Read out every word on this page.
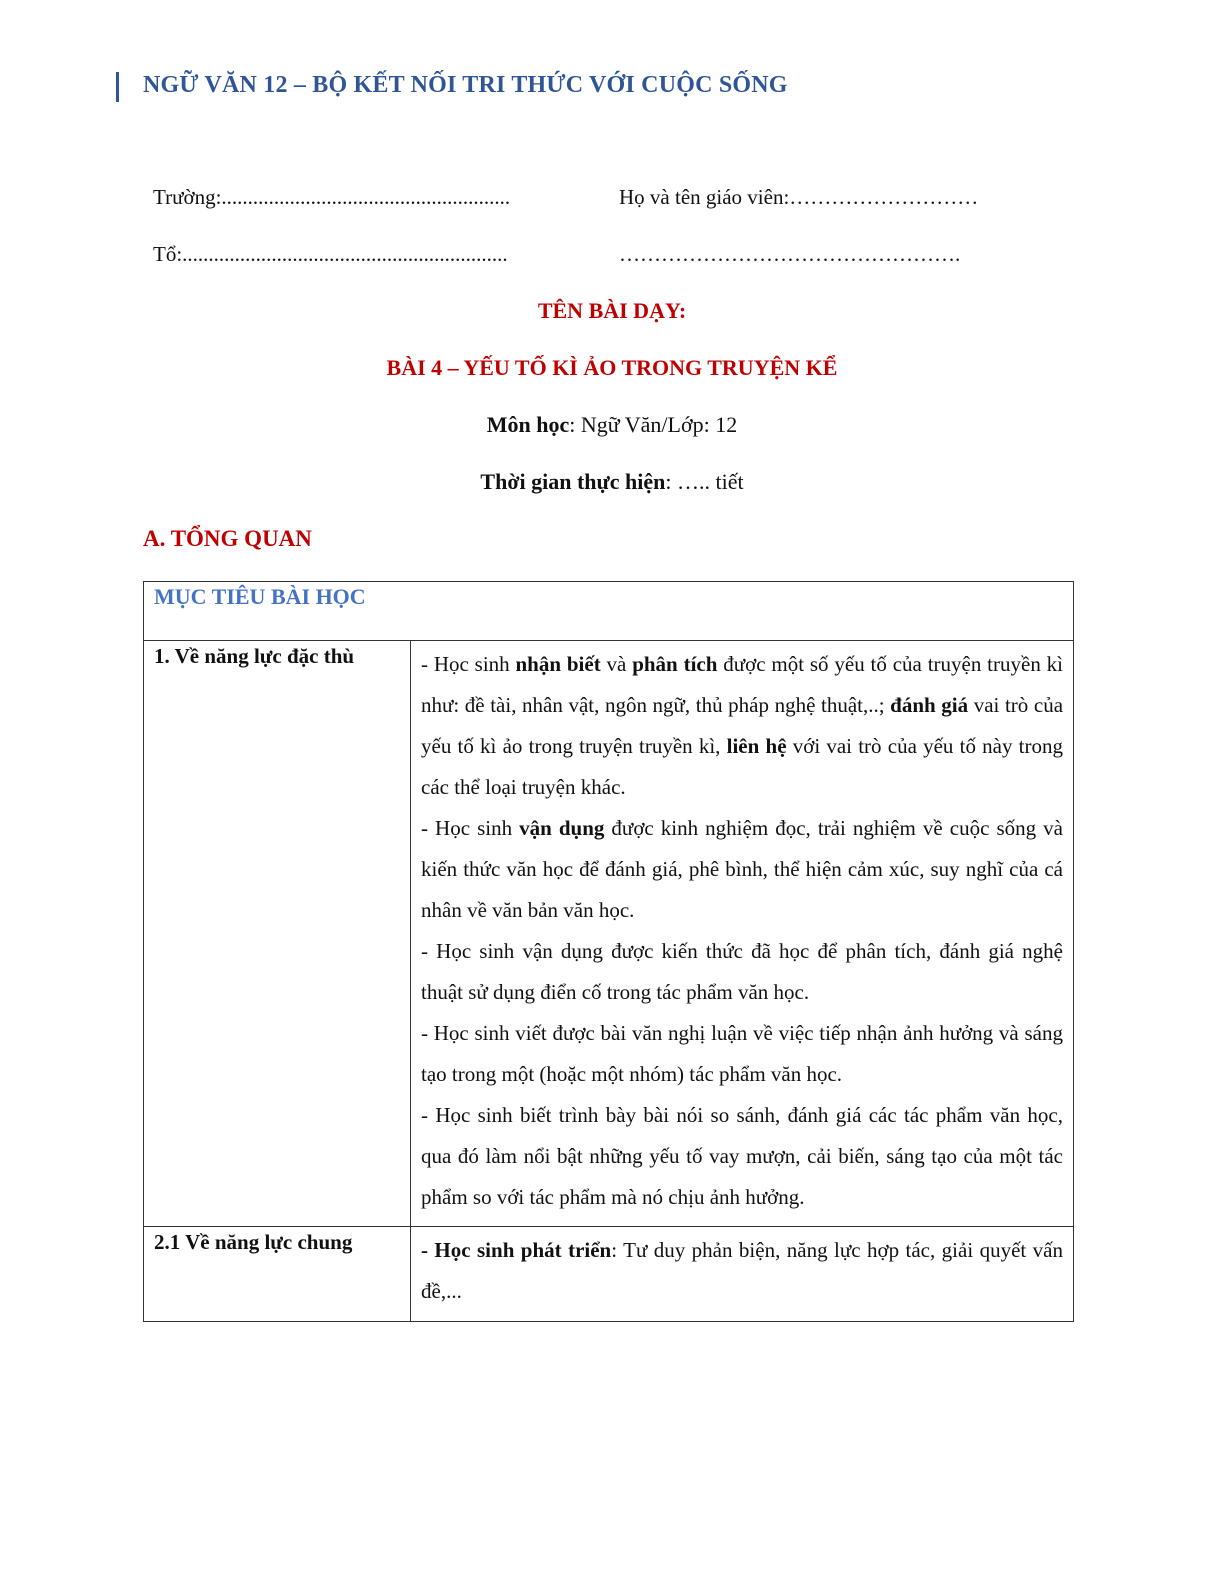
NGỮ VĂN 12 – BỘ KẾT NỐI TRI THỨC VỚI CUỘC SỐNG
Trường:.......................................................	Họ và tên giáo viên:………………………
Tổ:..............................................................	………………………………………….
TÊN BÀI DẠY:
BÀI 4 – YẾU TỐ KÌ ẢO TRONG TRUYỆN KỂ
Môn học: Ngữ Văn/Lớp: 12
Thời gian thực hiện: ….. tiết
A. TỔNG QUAN
MỤC TIÊU BÀI HỌC	
1. Về năng lực đặc thù	- Học sinh nhận biết và phân tích được một số yếu tố của truyện truyền kì như: đề tài, nhân vật, ngôn ngữ, thủ pháp nghệ thuật,..; đánh giá vai trò của yếu tố kì ảo trong truyện truyền kì, liên hệ với vai trò của yếu tố này trong các thể loại truyện khác.

- Học sinh vận dụng được kinh nghiệm đọc, trải nghiệm về cuộc sống và kiến thức văn học để đánh giá, phê bình, thể hiện cảm xúc, suy nghĩ của cá nhân về văn bản văn học.

- Học sinh vận dụng được kiến thức đã học để phân tích, đánh giá nghệ thuật sử dụng điển cố trong tác phẩm văn học.

- Học sinh viết được bài văn nghị luận về việc tiếp nhận ảnh hưởng và sáng tạo trong một (hoặc một nhóm) tác phẩm văn học.

- Học sinh biết trình bày bài nói so sánh, đánh giá các tác phẩm văn học, qua đó làm nổi bật những yếu tố vay mượn, cải biến, sáng tạo của một tác phẩm so với tác phẩm mà nó chịu ảnh hưởng.

2.1 Về năng lực chung	- Học sinh phát triển: Tư duy phản biện, năng lực hợp tác, giải quyết vấn đề,...
